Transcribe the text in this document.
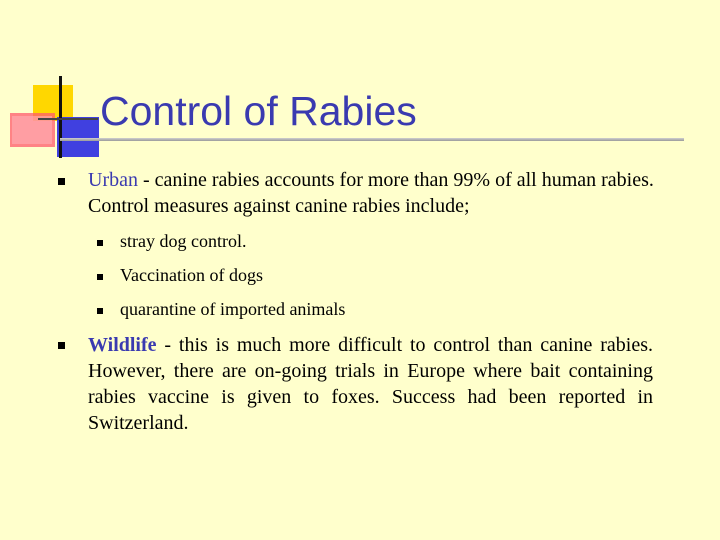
Control of Rabies
Urban - canine rabies accounts for more than 99% of all human rabies. Control measures against canine rabies include;
stray dog control.
Vaccination of dogs
quarantine of imported animals
Wildlife - this is much more difficult to control than canine rabies. However, there are on-going trials in Europe where bait containing rabies vaccine is given to foxes. Success had been reported in Switzerland.
